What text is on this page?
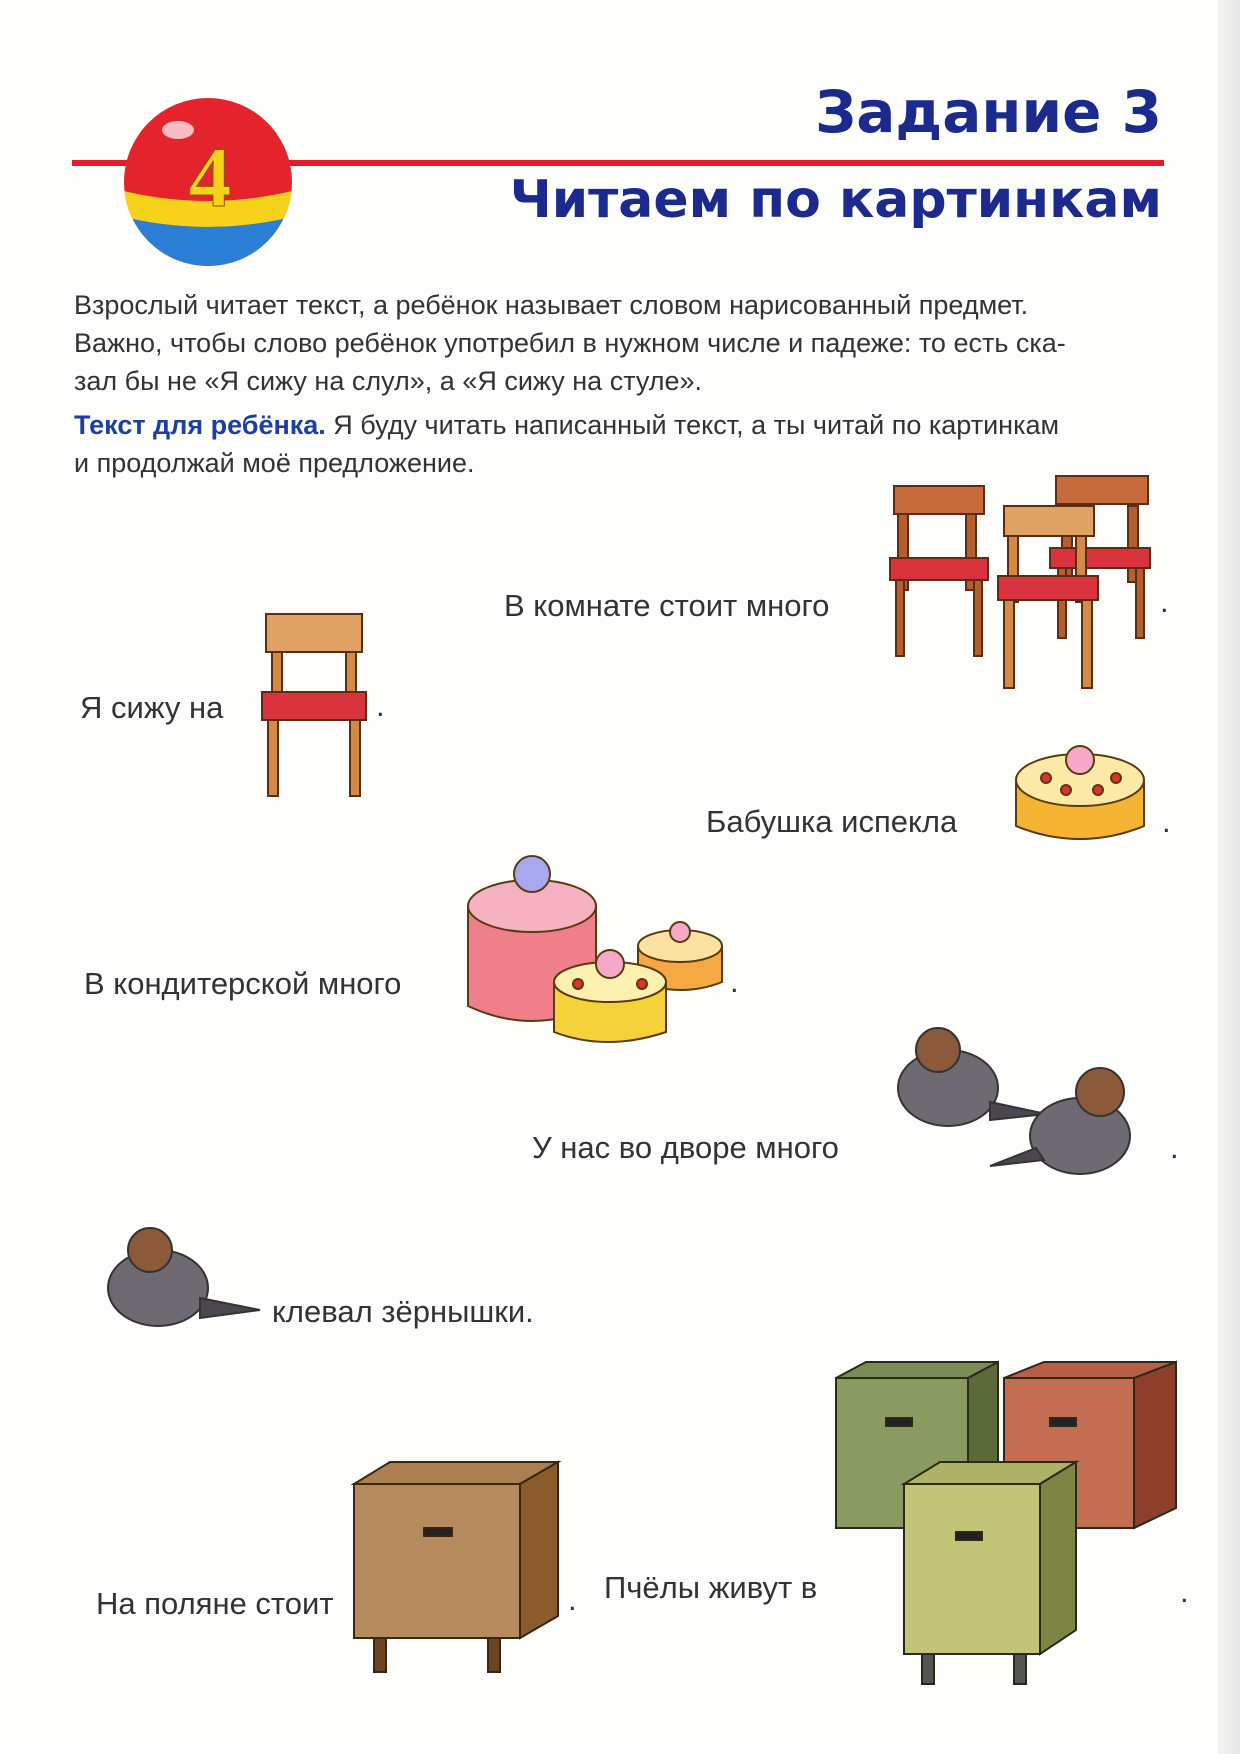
4
Задание 3
Читаем по картинкам
Взрослый читает текст, а ребёнок называет словом нарисованный предмет.
Важно, чтобы слово ребёнок употребил в нужном числе и падеже: то есть ска-
зал бы не «Я сижу на слул», а «Я сижу на стуле».
Текст для ребёнка. Я буду читать написанный текст, а ты читай по картинкам
и продолжай моё предложение.
В комнате стоит много	.
Я сижу на	.
Бабушка испекла	.
В кондитерской много	.
У нас во дворе много	.
клевал зёрнышки.
На поляне стоит	. Пчёлы живут в	.
